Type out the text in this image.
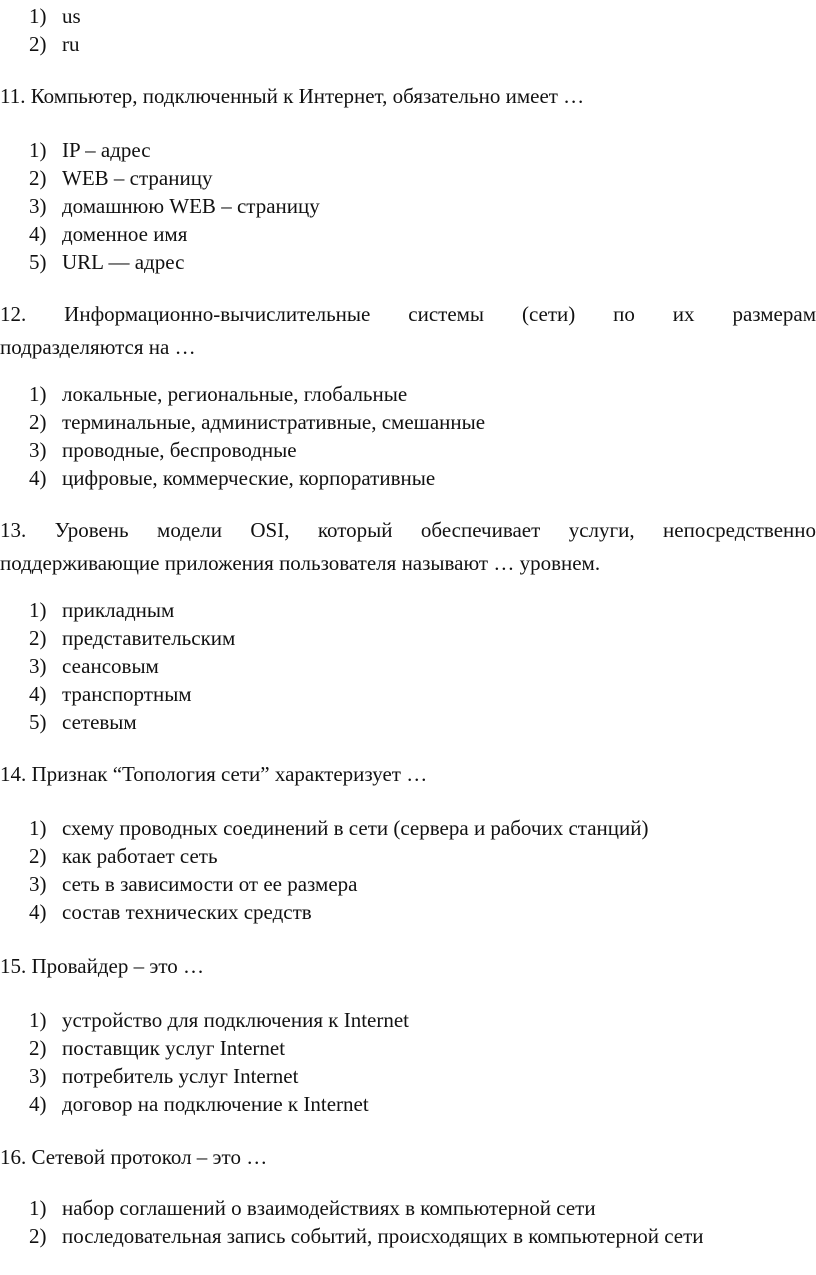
1) us
2) ru

11. Компьютер, подключенный к Интернет, обязательно имеет …

1) IP – адрес
2) WEB – страницу
3) домашнюю WEB – страницу
4) доменное имя
5) URL –– адрес

12. Информационно-вычислительные системы (сети) по их размерам
подразделяются на …

1) локальные, региональные, глобальные
2) терминальные, административные, смешанные
3) проводные, беспроводные
4) цифровые, коммерческие, корпоративные

13. Уровень модели OSI, который обеспечивает услуги, непосредственно
поддерживающие приложения пользователя называют … уровнем.

1) прикладным
2) представительским
3) сеансовым
4) транспортным
5) сетевым

14. Признак “Топология сети” характеризует …

1) схему проводных соединений в сети (сервера и рабочих станций)
2) как работает сеть
3) сеть в зависимости от ее размера
4) состав технических средств

15. Провайдер – это …

1) устройство для подключения к Internet
2) поставщик услуг Internet
3) потребитель услуг Internet
4) договор на подключение к Internet

16. Сетевой протокол – это …

1) набор соглашений о взаимодействиях в компьютерной сети
2) последовательная запись событий, происходящих в компьютерной сети
